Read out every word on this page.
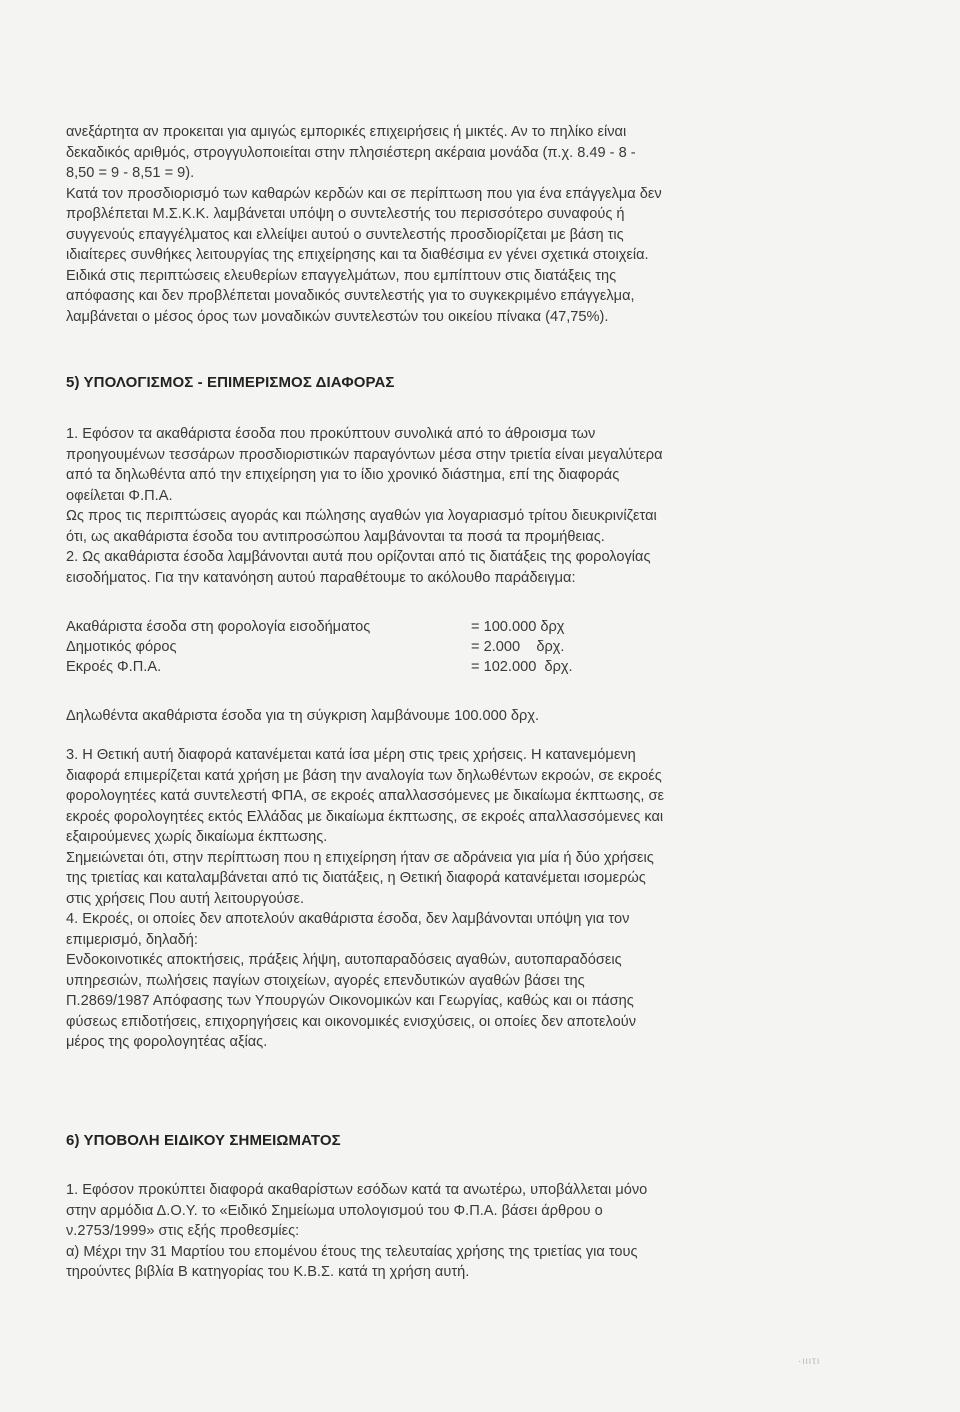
ανεξάρτητα αν προκειται για αμιγώς εμπορικές επιχειρήσεις ή μικτές. Αν το πηλίκο είναι

δεκαδικός αριθμός, στρογγυλοποιείται στην πλησιέστερη ακέραια μονάδα (π.χ. 8.49 - 8 -

8,50 = 9 - 8,51 = 9).

Κατά τον προσδιορισμό των καθαρών κερδών και σε περίπτωση που για ένα επάγγελμα δεν

προβλέπεται Μ.Σ.Κ.Κ. λαμβάνεται υπόψη ο συντελεστής του περισσότερο συναφούς ή

συγγενούς επαγγέλματος και ελλείψει αυτού ο συντελεστής προσδιορίζεται με βάση τις

ιδιαίτερες συνθήκες λειτουργίας της επιχείρησης και τα διαθέσιμα εν γένει σχετικά στοιχεία.

Ειδικά στις περιπτώσεις ελευθερίων επαγγελμάτων, που εμπίπτουν στις διατάξεις της

απόφασης και δεν προβλέπεται μοναδικός συντελεστής για το συγκεκριμένο επάγγελμα,

λαμβάνεται ο μέσος όρος των μοναδικών συντελεστών του οικείου πίνακα (47,75%).

5) ΥΠΟΛΟΓΙΣΜΟΣ - ΕΠΙΜΕΡΙΣΜΟΣ ΔΙΑΦΟΡΑΣ

1. Εφόσον τα ακαθάριστα έσοδα που προκύπτουν συνολικά από το άθροισμα των

προηγουμένων τεσσάρων προσδιοριστικών παραγόντων μέσα στην τριετία είναι μεγαλύτερα

από τα δηλωθέντα από την επιχείρηση για το ίδιο χρονικό διάστημα, επί της διαφοράς

οφείλεται Φ.Π.Α.

Ως προς τις περιπτώσεις αγοράς και πώλησης αγαθών για λογαριασμό τρίτου διευκρινίζεται

ότι, ως ακαθάριστα έσοδα του αντιπροσώπου λαμβάνονται τα ποσά τα προμήθειας.

2. Ως ακαθάριστα έσοδα λαμβάνονται αυτά που ορίζονται από τις διατάξεις της φορολογίας

εισοδήματος. Για την κατανόηση αυτού παραθέτουμε το ακόλουθο παράδειγμα:

Ακαθάριστα έσοδα στη φορολογία εισοδήματος	= 100.000 δρχ
Δημοτικός φόρος	= 2.000    δρχ.
Εκροές Φ.Π.Α.	= 102.000  δρχ.
Δηλωθέντα ακαθάριστα έσοδα για τη σύγκριση λαμβάνουμε 100.000 δρχ.

3. Η Θετική αυτή διαφορά κατανέμεται κατά ίσα μέρη στις τρεις χρήσεις. Η κατανεμόμενη

διαφορά επιμερίζεται κατά χρήση με βάση την αναλογία των δηλωθέντων εκροών, σε εκροές

φορολογητέες κατά συντελεστή ΦΠΑ, σε εκροές απαλλασσόμενες με δικαίωμα έκπτωσης, σε

εκροές φορολογητέες εκτός Ελλάδας με δικαίωμα έκπτωσης, σε εκροές απαλλασσόμενες και

εξαιρούμενες χωρίς δικαίωμα έκπτωσης.

Σημειώνεται ότι, στην περίπτωση που η επιχείρηση ήταν σε αδράνεια για μία ή δύο χρήσεις

της τριετίας και καταλαμβάνεται από τις διατάξεις, η Θετική διαφορά κατανέμεται ισομερώς

στις χρήσεις Που αυτή λειτουργούσε.

4. Εκροές, οι οποίες δεν αποτελούν ακαθάριστα έσοδα, δεν λαμβάνονται υπόψη για τον

επιμερισμό, δηλαδή:

Ενδοκοινοτικές αποκτήσεις, πράξεις λήψη, αυτοπαραδόσεις αγαθών, αυτοπαραδόσεις

υπηρεσιών, πωλήσεις παγίων στοιχείων, αγορές επενδυτικών αγαθών βάσει της

Π.2869/1987 Απόφασης των Υπουργών Οικονομικών και Γεωργίας, καθώς και οι πάσης

φύσεως επιδοτήσεις, επιχορηγήσεις και οικονομικές ενισχύσεις, οι οποίες δεν αποτελούν

μέρος της φορολογητέας αξίας.

6) ΥΠΟΒΟΛΗ ΕΙΔΙΚΟΥ ΣΗΜΕΙΩΜΑΤΟΣ

1. Εφόσον προκύπτει διαφορά ακαθαρίστων εσόδων κατά τα ανωτέρω, υποβάλλεται μόνο

στην αρμόδια Δ.Ο.Υ. το «Ειδικό Σημείωμα υπολογισμού του Φ.Π.Α. βάσει άρθρου ο

ν.2753/1999» στις εξής προθεσμίες:

α) Μέχρι την 31 Μαρτίου του επομένου έτους της τελευταίας χρήσης της τριετίας για τους

τηρούντες βιβλία Β κατηγορίας του Κ.Β.Σ. κατά τη χρήση αυτή.

·ιιιτι
